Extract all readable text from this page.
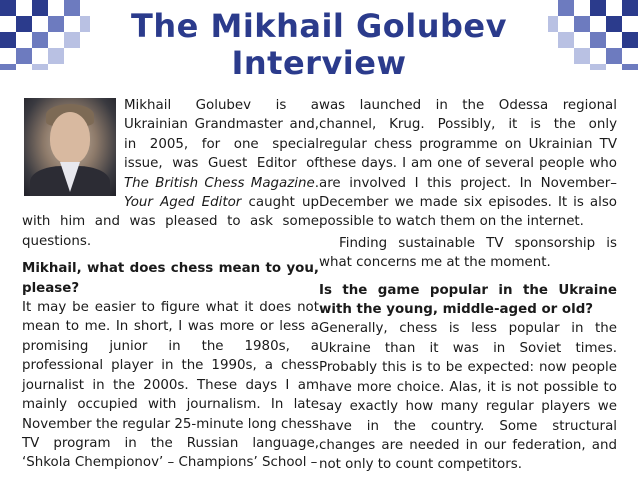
The Mikhail Golubev Interview

Mikhail Golubev is a Ukrainian Grandmaster and, in 2005, for one special issue, was Guest Editor of The British Chess Magazine. Your Aged Editor caught up with him and was pleased to ask some questions.

Mikhail, what does chess mean to you, please?

It may be easier to figure what it does not mean to me. In short, I was more or less a promising junior in the 1980s, a professional player in the 1990s, a chess journalist in the 2000s. These days I am mainly occupied with journalism. In late November the regular 25-minute long chess TV program in the Russian language, ‘Shkola Chempionov’ – Champions’ School –

was launched in the Odessa regional channel, Krug. Possibly, it is the only regular chess programme on Ukrainian TV these days. I am one of several people who are involved I this project. In November–December we made six episodes. It is also possible to watch them on the internet.

Finding sustainable TV sponsorship is what concerns me at the moment.

Is the game popular in the Ukraine with the young, middle-aged or old?

Generally, chess is less popular in the Ukraine than it was in Soviet times. Probably this is to be expected: now people have more choice. Alas, it is not possible to say exactly how many regular players we have in the country. Some structural changes are needed in our federation, and not only to count competitors.
